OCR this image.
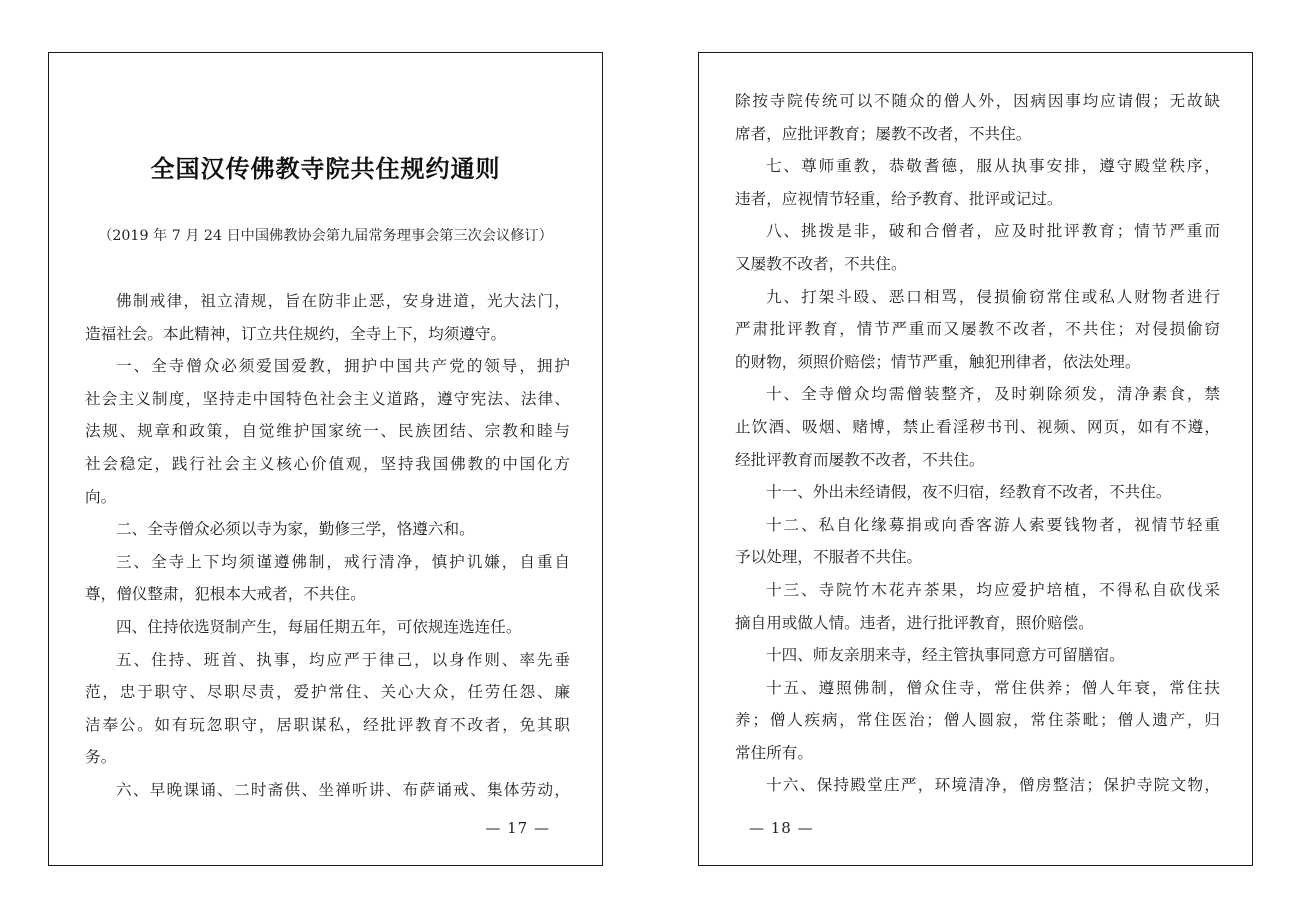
全国汉传佛教寺院共住规约通则
（2019 年 7 月 24 日中国佛教协会第九届常务理事会第三次会议修订）
佛制戒律，祖立清规，旨在防非止恶，安身进道，光大法门，
造福社会。本此精神，订立共住规约，全寺上下，均须遵守。
一、全寺僧众必须爱国爱教，拥护中国共产党的领导，拥护
社会主义制度，坚持走中国特色社会主义道路，遵守宪法、法律、
法规、规章和政策，自觉维护国家统一、民族团结、宗教和睦与
社会稳定，践行社会主义核心价值观，坚持我国佛教的中国化方
向。
二、全寺僧众必须以寺为家，勤修三学，恪遵六和。
三、全寺上下均须谨遵佛制，戒行清净，慎护讥嫌，自重自
尊，僧仪整肃，犯根本大戒者，不共住。
四、住持依选贤制产生，每届任期五年，可依规连选连任。
五、住持、班首、执事，均应严于律己，以身作则、率先垂
范，忠于职守、尽职尽责，爱护常住、关心大众，任劳任怨、廉
洁奉公。如有玩忽职守，居职谋私，经批评教育不改者，免其职
务。
六、早晚课诵、二时斋供、坐禅听讲、布萨诵戒、集体劳动，
— 17 —
除按寺院传统可以不随众的僧人外，因病因事均应请假；无故缺
席者，应批评教育；屡教不改者，不共住。
七、尊师重教，恭敬耆德，服从执事安排，遵守殿堂秩序，
违者，应视情节轻重，给予教育、批评或记过。
八、挑拨是非，破和合僧者，应及时批评教育；情节严重而
又屡教不改者，不共住。
九、打架斗殴、恶口相骂，侵损偷窃常住或私人财物者进行
严肃批评教育，情节严重而又屡教不改者，不共住；对侵损偷窃
的财物，须照价赔偿；情节严重，触犯刑律者，依法处理。
十、全寺僧众均需僧装整齐，及时剃除须发，清净素食，禁
止饮酒、吸烟、赌博，禁止看淫秽书刊、视频、网页，如有不遵，
经批评教育而屡教不改者，不共住。
十一、外出未经请假，夜不归宿，经教育不改者，不共住。
十二、私自化缘募捐或向香客游人索要钱物者，视情节轻重
予以处理，不服者不共住。
十三、寺院竹木花卉茶果，均应爱护培植，不得私自砍伐采
摘自用或做人情。违者，进行批评教育，照价赔偿。
十四、师友亲朋来寺，经主管执事同意方可留膳宿。
十五、遵照佛制，僧众住寺，常住供养；僧人年衰，常住扶
养；僧人疾病，常住医治；僧人圆寂，常住荼毗；僧人遗产，归
常住所有。
十六、保持殿堂庄严，环境清净，僧房整洁；保护寺院文物，
— 18 —
